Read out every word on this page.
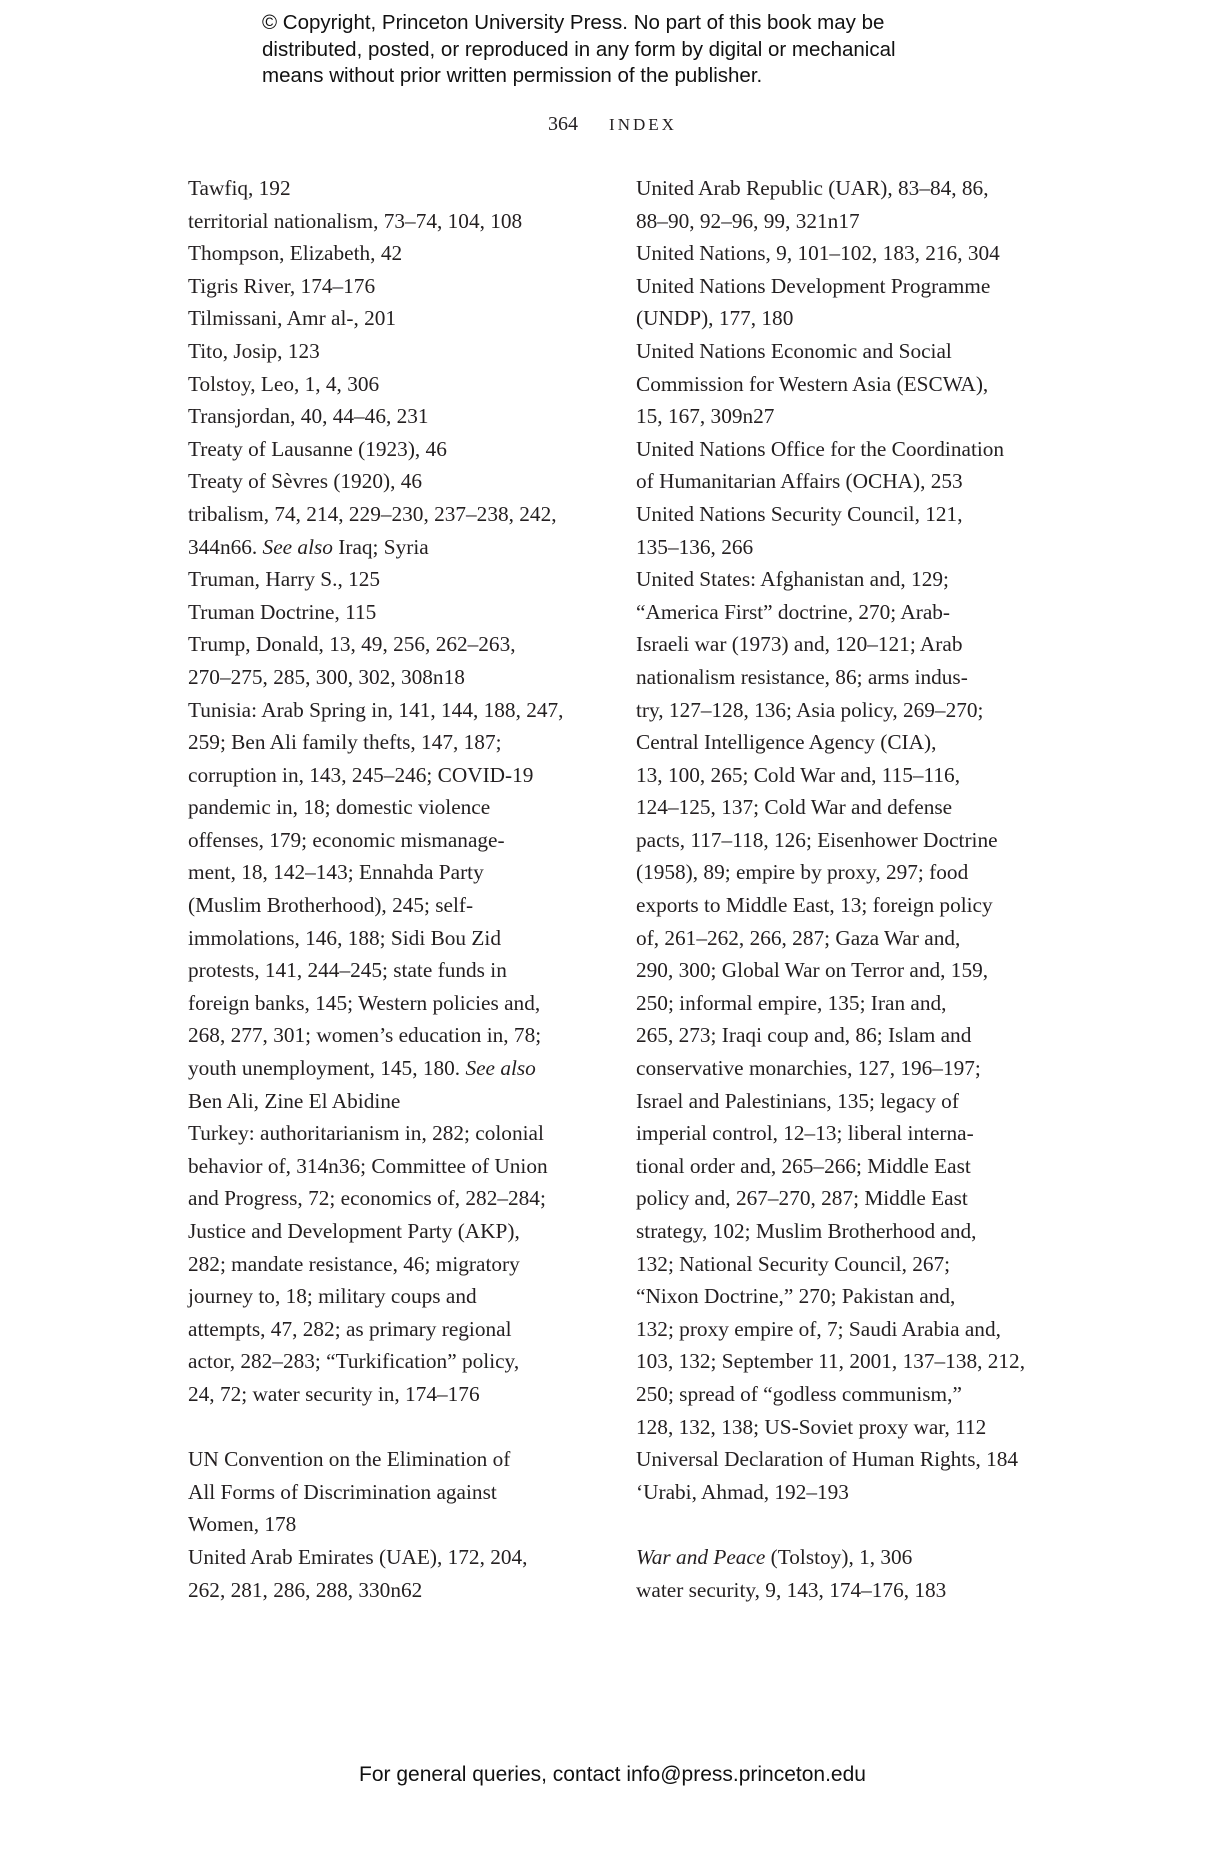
© Copyright, Princeton University Press. No part of this book may be
distributed, posted, or reproduced in any form by digital or mechanical
means without prior written permission of the publisher.
364 INDEX
Tawfiq, 192
territorial nationalism, 73–74, 104, 108
Thompson, Elizabeth, 42
Tigris River, 174–176
Tilmissani, Amr al-, 201
Tito, Josip, 123
Tolstoy, Leo, 1, 4, 306
Transjordan, 40, 44–46, 231
Treaty of Lausanne (1923), 46
Treaty of Sèvres (1920), 46
tribalism, 74, 214, 229–230, 237–238, 242,
344n66. See also Iraq; Syria
Truman, Harry S., 125
Truman Doctrine, 115
Trump, Donald, 13, 49, 256, 262–263,
270–275, 285, 300, 302, 308n18
Tunisia: Arab Spring in, 141, 144, 188, 247,
259; Ben Ali family thefts, 147, 187;
corruption in, 143, 245–246; COVID-19
pandemic in, 18; domestic violence
offenses, 179; economic mismanage-
ment, 18, 142–143; Ennahda Party
(Muslim Brotherhood), 245; self-
immolations, 146, 188; Sidi Bou Zid
protests, 141, 244–245; state funds in
foreign banks, 145; Western policies and,
268, 277, 301; women’s education in, 78;
youth unemployment, 145, 180. See also
Ben Ali, Zine El Abidine
Turkey: authoritarianism in, 282; colonial
behavior of, 314n36; Committee of Union
and Progress, 72; economics of, 282–284;
Justice and Development Party (AKP),
282; mandate resistance, 46; migratory
journey to, 18; military coups and
attempts, 47, 282; as primary regional
actor, 282–283; “Turkification” policy,
24, 72; water security in, 174–176
UN Convention on the Elimination of
All Forms of Discrimination against
Women, 178
United Arab Emirates (UAE), 172, 204,
262, 281, 286, 288, 330n62
United Arab Republic (UAR), 83–84, 86,
88–90, 92–96, 99, 321n17
United Nations, 9, 101–102, 183, 216, 304
United Nations Development Programme
(UNDP), 177, 180
United Nations Economic and Social
Commission for Western Asia (ESCWA),
15, 167, 309n27
United Nations Office for the Coordination
of Humanitarian Affairs (OCHA), 253
United Nations Security Council, 121,
135–136, 266
United States: Afghanistan and, 129;
“America First” doctrine, 270; Arab-
Israeli war (1973) and, 120–121; Arab
nationalism resistance, 86; arms indus-
try, 127–128, 136; Asia policy, 269–270;
Central Intelligence Agency (CIA),
13, 100, 265; Cold War and, 115–116,
124–125, 137; Cold War and defense
pacts, 117–118, 126; Eisenhower Doctrine
(1958), 89; empire by proxy, 297; food
exports to Middle East, 13; foreign policy
of, 261–262, 266, 287; Gaza War and,
290, 300; Global War on Terror and, 159,
250; informal empire, 135; Iran and,
265, 273; Iraqi coup and, 86; Islam and
conservative monarchies, 127, 196–197;
Israel and Palestinians, 135; legacy of
imperial control, 12–13; liberal interna-
tional order and, 265–266; Middle East
policy and, 267–270, 287; Middle East
strategy, 102; Muslim Brotherhood and,
132; National Security Council, 267;
“Nixon Doctrine,” 270; Pakistan and,
132; proxy empire of, 7; Saudi Arabia and,
103, 132; September 11, 2001, 137–138, 212,
250; spread of “godless communism,”
128, 132, 138; US-Soviet proxy war, 112
Universal Declaration of Human Rights, 184
‘Urabi, Ahmad, 192–193
War and Peace (Tolstoy), 1, 306
water security, 9, 143, 174–176, 183
For general queries, contact info@press.princeton.edu
